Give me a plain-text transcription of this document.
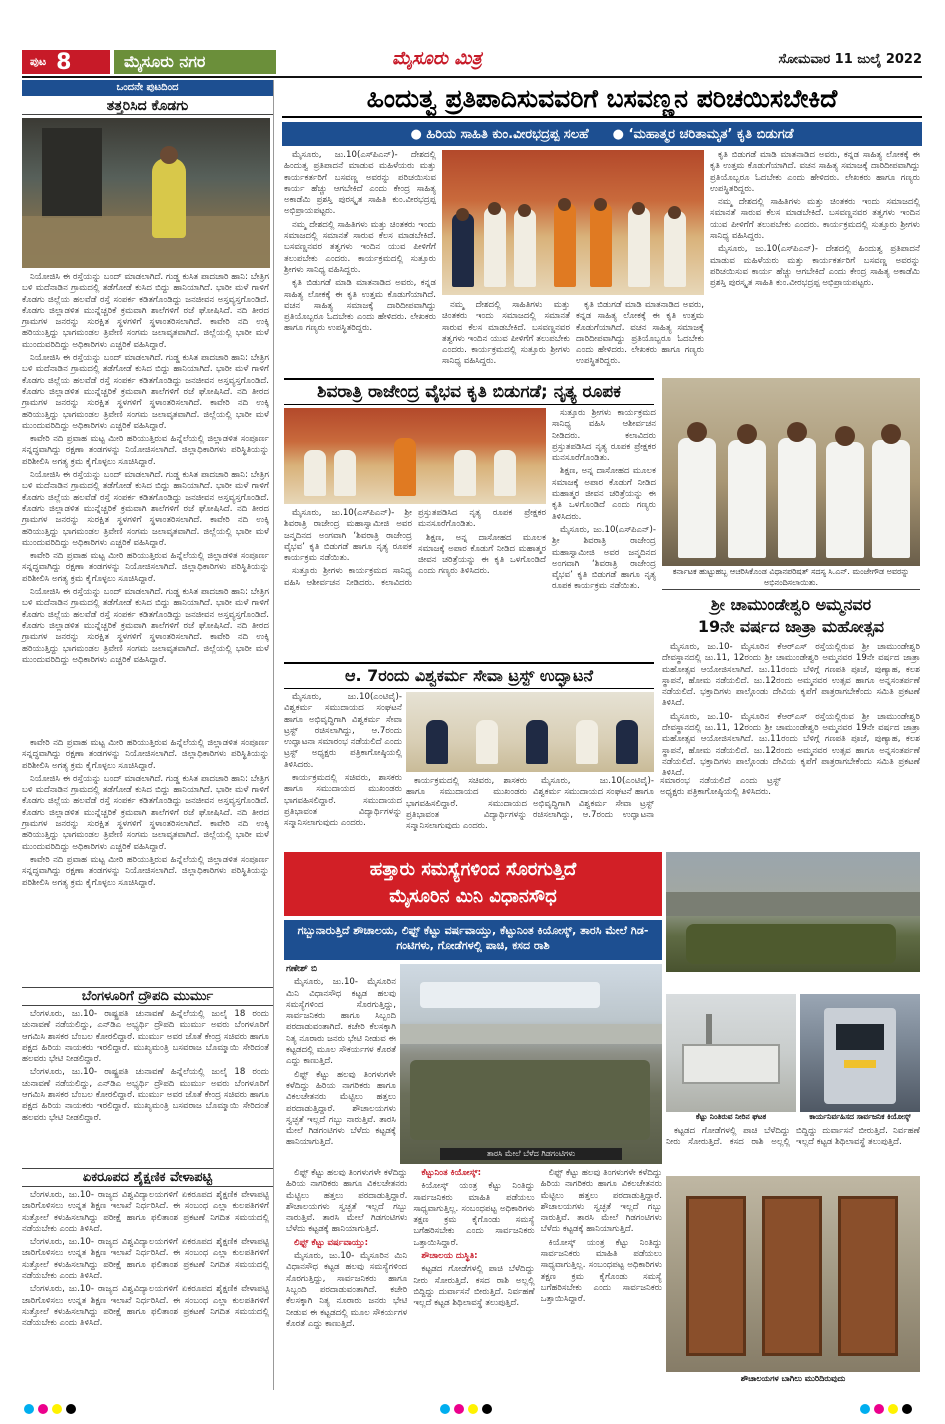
ಪುಟ 8	ಮೈಸೂರು ನಗರ	ಮೈಸೂರು ಮಿತ್ರ	ಸೋಮವಾರ 11 ಜುಲೈ 2022
ಒಂದನೇ ಪುಟದಿಂದ
ತತ್ತರಿಸಿದ ಕೊಡಗು

ನಿಯೋಜಿಸಿ ಈ ರಸ್ತೆಯನ್ನು ಬಂದ್ ಮಾಡಲಾಗಿದೆ. ಗುಡ್ಡ ಕುಸಿತ ಪಾದಚಾರಿ ಹಾನಿ: ಬೇತ್ರಿಗ ಬಳಿ ಮದೆನಾಡಿನ ಗ್ರಾಮದಲ್ಲಿ ತಡೆಗೋಡೆ ಕುಸಿದ ಬಿದ್ದು ಹಾನಿಯಾಗಿದೆ. ಭಾರೀ ಮಳೆ ಗಾಳಿಗೆ ಕೊಡಗು ಜಿಲ್ಲೆಯ ಹಲವೆಡೆ ರಸ್ತೆ ಸಂಪರ್ಕ ಕಡಿತಗೊಂಡಿದ್ದು ಜನಜೀವನ ಅಸ್ತವ್ಯಸ್ತಗೊಂಡಿದೆ. ಕೊಡಗು ಜಿಲ್ಲಾಡಳಿತ ಮುನ್ನೆಚ್ಚರಿಕೆ ಕ್ರಮವಾಗಿ ಶಾಲೆಗಳಿಗೆ ರಜೆ ಘೋಷಿಸಿದೆ. ನದಿ ತೀರದ ಗ್ರಾಮಗಳ ಜನರನ್ನು ಸುರಕ್ಷಿತ ಸ್ಥಳಗಳಿಗೆ ಸ್ಥಳಾಂತರಿಸಲಾಗಿದೆ. ಕಾವೇರಿ ನದಿ ಉಕ್ಕಿ ಹರಿಯುತ್ತಿದ್ದು ಭಾಗಮಂಡಲ ತ್ರಿವೇಣಿ ಸಂಗಮ ಜಲಾವೃತವಾಗಿದೆ. ಜಿಲ್ಲೆಯಲ್ಲಿ ಭಾರೀ ಮಳೆ ಮುಂದುವರಿದಿದ್ದು ಅಧಿಕಾರಿಗಳು ಎಚ್ಚರಿಕೆ ವಹಿಸಿದ್ದಾರೆ.

ನಿಯೋಜಿಸಿ ಈ ರಸ್ತೆಯನ್ನು ಬಂದ್ ಮಾಡಲಾಗಿದೆ. ಗುಡ್ಡ ಕುಸಿತ ಪಾದಚಾರಿ ಹಾನಿ: ಬೇತ್ರಿಗ ಬಳಿ ಮದೆನಾಡಿನ ಗ್ರಾಮದಲ್ಲಿ ತಡೆಗೋಡೆ ಕುಸಿದ ಬಿದ್ದು ಹಾನಿಯಾಗಿದೆ. ಭಾರೀ ಮಳೆ ಗಾಳಿಗೆ ಕೊಡಗು ಜಿಲ್ಲೆಯ ಹಲವೆಡೆ ರಸ್ತೆ ಸಂಪರ್ಕ ಕಡಿತಗೊಂಡಿದ್ದು ಜನಜೀವನ ಅಸ್ತವ್ಯಸ್ತಗೊಂಡಿದೆ. ಕೊಡಗು ಜಿಲ್ಲಾಡಳಿತ ಮುನ್ನೆಚ್ಚರಿಕೆ ಕ್ರಮವಾಗಿ ಶಾಲೆಗಳಿಗೆ ರಜೆ ಘೋಷಿಸಿದೆ. ನದಿ ತೀರದ ಗ್ರಾಮಗಳ ಜನರನ್ನು ಸುರಕ್ಷಿತ ಸ್ಥಳಗಳಿಗೆ ಸ್ಥಳಾಂತರಿಸಲಾಗಿದೆ. ಕಾವೇರಿ ನದಿ ಉಕ್ಕಿ ಹರಿಯುತ್ತಿದ್ದು ಭಾಗಮಂಡಲ ತ್ರಿವೇಣಿ ಸಂಗಮ ಜಲಾವೃತವಾಗಿದೆ. ಜಿಲ್ಲೆಯಲ್ಲಿ ಭಾರೀ ಮಳೆ ಮುಂದುವರಿದಿದ್ದು ಅಧಿಕಾರಿಗಳು ಎಚ್ಚರಿಕೆ ವಹಿಸಿದ್ದಾರೆ.

ಕಾವೇರಿ ನದಿ ಪ್ರವಾಹ ಮಟ್ಟ ಮೀರಿ ಹರಿಯುತ್ತಿರುವ ಹಿನ್ನೆಲೆಯಲ್ಲಿ ಜಿಲ್ಲಾಡಳಿತ ಸಂಪೂರ್ಣ ಸನ್ನದ್ಧವಾಗಿದ್ದು ರಕ್ಷಣಾ ತಂಡಗಳನ್ನು ನಿಯೋಜಿಸಲಾಗಿದೆ. ಜಿಲ್ಲಾಧಿಕಾರಿಗಳು ಪರಿಸ್ಥಿತಿಯನ್ನು ಪರಿಶೀಲಿಸಿ ಅಗತ್ಯ ಕ್ರಮ ಕೈಗೊಳ್ಳಲು ಸೂಚಿಸಿದ್ದಾರೆ.

ನಿಯೋಜಿಸಿ ಈ ರಸ್ತೆಯನ್ನು ಬಂದ್ ಮಾಡಲಾಗಿದೆ. ಗುಡ್ಡ ಕುಸಿತ ಪಾದಚಾರಿ ಹಾನಿ: ಬೇತ್ರಿಗ ಬಳಿ ಮದೆನಾಡಿನ ಗ್ರಾಮದಲ್ಲಿ ತಡೆಗೋಡೆ ಕುಸಿದ ಬಿದ್ದು ಹಾನಿಯಾಗಿದೆ. ಭಾರೀ ಮಳೆ ಗಾಳಿಗೆ ಕೊಡಗು ಜಿಲ್ಲೆಯ ಹಲವೆಡೆ ರಸ್ತೆ ಸಂಪರ್ಕ ಕಡಿತಗೊಂಡಿದ್ದು ಜನಜೀವನ ಅಸ್ತವ್ಯಸ್ತಗೊಂಡಿದೆ. ಕೊಡಗು ಜಿಲ್ಲಾಡಳಿತ ಮುನ್ನೆಚ್ಚರಿಕೆ ಕ್ರಮವಾಗಿ ಶಾಲೆಗಳಿಗೆ ರಜೆ ಘೋಷಿಸಿದೆ. ನದಿ ತೀರದ ಗ್ರಾಮಗಳ ಜನರನ್ನು ಸುರಕ್ಷಿತ ಸ್ಥಳಗಳಿಗೆ ಸ್ಥಳಾಂತರಿಸಲಾಗಿದೆ. ಕಾವೇರಿ ನದಿ ಉಕ್ಕಿ ಹರಿಯುತ್ತಿದ್ದು ಭಾಗಮಂಡಲ ತ್ರಿವೇಣಿ ಸಂಗಮ ಜಲಾವೃತವಾಗಿದೆ. ಜಿಲ್ಲೆಯಲ್ಲಿ ಭಾರೀ ಮಳೆ ಮುಂದುವರಿದಿದ್ದು ಅಧಿಕಾರಿಗಳು ಎಚ್ಚರಿಕೆ ವಹಿಸಿದ್ದಾರೆ.

ಕಾವೇರಿ ನದಿ ಪ್ರವಾಹ ಮಟ್ಟ ಮೀರಿ ಹರಿಯುತ್ತಿರುವ ಹಿನ್ನೆಲೆಯಲ್ಲಿ ಜಿಲ್ಲಾಡಳಿತ ಸಂಪೂರ್ಣ ಸನ್ನದ್ಧವಾಗಿದ್ದು ರಕ್ಷಣಾ ತಂಡಗಳನ್ನು ನಿಯೋಜಿಸಲಾಗಿದೆ. ಜಿಲ್ಲಾಧಿಕಾರಿಗಳು ಪರಿಸ್ಥಿತಿಯನ್ನು ಪರಿಶೀಲಿಸಿ ಅಗತ್ಯ ಕ್ರಮ ಕೈಗೊಳ್ಳಲು ಸೂಚಿಸಿದ್ದಾರೆ.

ನಿಯೋಜಿಸಿ ಈ ರಸ್ತೆಯನ್ನು ಬಂದ್ ಮಾಡಲಾಗಿದೆ. ಗುಡ್ಡ ಕುಸಿತ ಪಾದಚಾರಿ ಹಾನಿ: ಬೇತ್ರಿಗ ಬಳಿ ಮದೆನಾಡಿನ ಗ್ರಾಮದಲ್ಲಿ ತಡೆಗೋಡೆ ಕುಸಿದ ಬಿದ್ದು ಹಾನಿಯಾಗಿದೆ. ಭಾರೀ ಮಳೆ ಗಾಳಿಗೆ ಕೊಡಗು ಜಿಲ್ಲೆಯ ಹಲವೆಡೆ ರಸ್ತೆ ಸಂಪರ್ಕ ಕಡಿತಗೊಂಡಿದ್ದು ಜನಜೀವನ ಅಸ್ತವ್ಯಸ್ತಗೊಂಡಿದೆ. ಕೊಡಗು ಜಿಲ್ಲಾಡಳಿತ ಮುನ್ನೆಚ್ಚರಿಕೆ ಕ್ರಮವಾಗಿ ಶಾಲೆಗಳಿಗೆ ರಜೆ ಘೋಷಿಸಿದೆ. ನದಿ ತೀರದ ಗ್ರಾಮಗಳ ಜನರನ್ನು ಸುರಕ್ಷಿತ ಸ್ಥಳಗಳಿಗೆ ಸ್ಥಳಾಂತರಿಸಲಾಗಿದೆ. ಕಾವೇರಿ ನದಿ ಉಕ್ಕಿ ಹರಿಯುತ್ತಿದ್ದು ಭಾಗಮಂಡಲ ತ್ರಿವೇಣಿ ಸಂಗಮ ಜಲಾವೃತವಾಗಿದೆ. ಜಿಲ್ಲೆಯಲ್ಲಿ ಭಾರೀ ಮಳೆ ಮುಂದುವರಿದಿದ್ದು ಅಧಿಕಾರಿಗಳು ಎಚ್ಚರಿಕೆ ವಹಿಸಿದ್ದಾರೆ.

ಕಾವೇರಿ ನದಿ ಪ್ರವಾಹ ಮಟ್ಟ ಮೀರಿ ಹರಿಯುತ್ತಿರುವ ಹಿನ್ನೆಲೆಯಲ್ಲಿ ಜಿಲ್ಲಾಡಳಿತ ಸಂಪೂರ್ಣ ಸನ್ನದ್ಧವಾಗಿದ್ದು ರಕ್ಷಣಾ ತಂಡಗಳನ್ನು ನಿಯೋಜಿಸಲಾಗಿದೆ. ಜಿಲ್ಲಾಧಿಕಾರಿಗಳು ಪರಿಸ್ಥಿತಿಯನ್ನು ಪರಿಶೀಲಿಸಿ ಅಗತ್ಯ ಕ್ರಮ ಕೈಗೊಳ್ಳಲು ಸೂಚಿಸಿದ್ದಾರೆ.

ನಿಯೋಜಿಸಿ ಈ ರಸ್ತೆಯನ್ನು ಬಂದ್ ಮಾಡಲಾಗಿದೆ. ಗುಡ್ಡ ಕುಸಿತ ಪಾದಚಾರಿ ಹಾನಿ: ಬೇತ್ರಿಗ ಬಳಿ ಮದೆನಾಡಿನ ಗ್ರಾಮದಲ್ಲಿ ತಡೆಗೋಡೆ ಕುಸಿದ ಬಿದ್ದು ಹಾನಿಯಾಗಿದೆ. ಭಾರೀ ಮಳೆ ಗಾಳಿಗೆ ಕೊಡಗು ಜಿಲ್ಲೆಯ ಹಲವೆಡೆ ರಸ್ತೆ ಸಂಪರ್ಕ ಕಡಿತಗೊಂಡಿದ್ದು ಜನಜೀವನ ಅಸ್ತವ್ಯಸ್ತಗೊಂಡಿದೆ. ಕೊಡಗು ಜಿಲ್ಲಾಡಳಿತ ಮುನ್ನೆಚ್ಚರಿಕೆ ಕ್ರಮವಾಗಿ ಶಾಲೆಗಳಿಗೆ ರಜೆ ಘೋಷಿಸಿದೆ. ನದಿ ತೀರದ ಗ್ರಾಮಗಳ ಜನರನ್ನು ಸುರಕ್ಷಿತ ಸ್ಥಳಗಳಿಗೆ ಸ್ಥಳಾಂತರಿಸಲಾಗಿದೆ. ಕಾವೇರಿ ನದಿ ಉಕ್ಕಿ ಹರಿಯುತ್ತಿದ್ದು ಭಾಗಮಂಡಲ ತ್ರಿವೇಣಿ ಸಂಗಮ ಜಲಾವೃತವಾಗಿದೆ. ಜಿಲ್ಲೆಯಲ್ಲಿ ಭಾರೀ ಮಳೆ ಮುಂದುವರಿದಿದ್ದು ಅಧಿಕಾರಿಗಳು ಎಚ್ಚರಿಕೆ ವಹಿಸಿದ್ದಾರೆ.

ಕಾವೇರಿ ನದಿ ಪ್ರವಾಹ ಮಟ್ಟ ಮೀರಿ ಹರಿಯುತ್ತಿರುವ ಹಿನ್ನೆಲೆಯಲ್ಲಿ ಜಿಲ್ಲಾಡಳಿತ ಸಂಪೂರ್ಣ ಸನ್ನದ್ಧವಾಗಿದ್ದು ರಕ್ಷಣಾ ತಂಡಗಳನ್ನು ನಿಯೋಜಿಸಲಾಗಿದೆ. ಜಿಲ್ಲಾಧಿಕಾರಿಗಳು ಪರಿಸ್ಥಿತಿಯನ್ನು ಪರಿಶೀಲಿಸಿ ಅಗತ್ಯ ಕ್ರಮ ಕೈಗೊಳ್ಳಲು ಸೂಚಿಸಿದ್ದಾರೆ.

ಬೆಂಗಳೂರಿಗೆ ದ್ರೌಪದಿ ಮುರ್ಮು

ಬೆಂಗಳೂರು, ಜು.10- ರಾಷ್ಟ್ರಪತಿ ಚುನಾವಣೆ ಹಿನ್ನೆಲೆಯಲ್ಲಿ ಜುಲೈ 18 ರಂದು ಚುನಾವಣೆ ನಡೆಯಲಿದ್ದು, ಎನ್‍ಡಿಎ ಅಭ್ಯರ್ಥಿ ದ್ರೌಪದಿ ಮುರ್ಮು ಅವರು ಬೆಂಗಳೂರಿಗೆ ಆಗಮಿಸಿ ಶಾಸಕರ ಬೆಂಬಲ ಕೋರಲಿದ್ದಾರೆ. ಮುರ್ಮು ಅವರ ಜೊತೆ ಕೇಂದ್ರ ಸಚಿವರು ಹಾಗೂ ಪಕ್ಷದ ಹಿರಿಯ ನಾಯಕರು ಇರಲಿದ್ದಾರೆ. ಮುಖ್ಯಮಂತ್ರಿ ಬಸವರಾಜ ಬೊಮ್ಮಾಯಿ ಸೇರಿದಂತೆ ಹಲವರು ಭೇಟಿ ನೀಡಲಿದ್ದಾರೆ.

ಬೆಂಗಳೂರು, ಜು.10- ರಾಷ್ಟ್ರಪತಿ ಚುನಾವಣೆ ಹಿನ್ನೆಲೆಯಲ್ಲಿ ಜುಲೈ 18 ರಂದು ಚುನಾವಣೆ ನಡೆಯಲಿದ್ದು, ಎನ್‍ಡಿಎ ಅಭ್ಯರ್ಥಿ ದ್ರೌಪದಿ ಮುರ್ಮು ಅವರು ಬೆಂಗಳೂರಿಗೆ ಆಗಮಿಸಿ ಶಾಸಕರ ಬೆಂಬಲ ಕೋರಲಿದ್ದಾರೆ. ಮುರ್ಮು ಅವರ ಜೊತೆ ಕೇಂದ್ರ ಸಚಿವರು ಹಾಗೂ ಪಕ್ಷದ ಹಿರಿಯ ನಾಯಕರು ಇರಲಿದ್ದಾರೆ. ಮುಖ್ಯಮಂತ್ರಿ ಬಸವರಾಜ ಬೊಮ್ಮಾಯಿ ಸೇರಿದಂತೆ ಹಲವರು ಭೇಟಿ ನೀಡಲಿದ್ದಾರೆ.

ಏಕರೂಪದ ಶೈಕ್ಷಣಿಕ ವೇಳಾಪಟ್ಟಿ

ಬೆಂಗಳೂರು, ಜು.10- ರಾಜ್ಯದ ವಿಶ್ವವಿದ್ಯಾಲಯಗಳಿಗೆ ಏಕರೂಪದ ಶೈಕ್ಷಣಿಕ ವೇಳಾಪಟ್ಟಿ ಜಾರಿಗೊಳಿಸಲು ಉನ್ನತ ಶಿಕ್ಷಣ ಇಲಾಖೆ ನಿರ್ಧರಿಸಿದೆ. ಈ ಸಂಬಂಧ ಎಲ್ಲಾ ಕುಲಪತಿಗಳಿಗೆ ಸುತ್ತೋಲೆ ಕಳುಹಿಸಲಾಗಿದ್ದು ಪರೀಕ್ಷೆ ಹಾಗೂ ಫಲಿತಾಂಶ ಪ್ರಕಟಣೆ ನಿಗದಿತ ಸಮಯದಲ್ಲಿ ನಡೆಯಬೇಕು ಎಂದು ತಿಳಿಸಿದೆ.

ಬೆಂಗಳೂರು, ಜು.10- ರಾಜ್ಯದ ವಿಶ್ವವಿದ್ಯಾಲಯಗಳಿಗೆ ಏಕರೂಪದ ಶೈಕ್ಷಣಿಕ ವೇಳಾಪಟ್ಟಿ ಜಾರಿಗೊಳಿಸಲು ಉನ್ನತ ಶಿಕ್ಷಣ ಇಲಾಖೆ ನಿರ್ಧರಿಸಿದೆ. ಈ ಸಂಬಂಧ ಎಲ್ಲಾ ಕುಲಪತಿಗಳಿಗೆ ಸುತ್ತೋಲೆ ಕಳುಹಿಸಲಾಗಿದ್ದು ಪರೀಕ್ಷೆ ಹಾಗೂ ಫಲಿತಾಂಶ ಪ್ರಕಟಣೆ ನಿಗದಿತ ಸಮಯದಲ್ಲಿ ನಡೆಯಬೇಕು ಎಂದು ತಿಳಿಸಿದೆ.

ಬೆಂಗಳೂರು, ಜು.10- ರಾಜ್ಯದ ವಿಶ್ವವಿದ್ಯಾಲಯಗಳಿಗೆ ಏಕರೂಪದ ಶೈಕ್ಷಣಿಕ ವೇಳಾಪಟ್ಟಿ ಜಾರಿಗೊಳಿಸಲು ಉನ್ನತ ಶಿಕ್ಷಣ ಇಲಾಖೆ ನಿರ್ಧರಿಸಿದೆ. ಈ ಸಂಬಂಧ ಎಲ್ಲಾ ಕುಲಪತಿಗಳಿಗೆ ಸುತ್ತೋಲೆ ಕಳುಹಿಸಲಾಗಿದ್ದು ಪರೀಕ್ಷೆ ಹಾಗೂ ಫಲಿತಾಂಶ ಪ್ರಕಟಣೆ ನಿಗದಿತ ಸಮಯದಲ್ಲಿ ನಡೆಯಬೇಕು ಎಂದು ತಿಳಿಸಿದೆ.

ಹಿಂದುತ್ವ ಪ್ರತಿಪಾದಿಸುವವರಿಗೆ ಬಸವಣ್ಣನ ಪರಿಚಯಿಸಬೇಕಿದೆ
● ಹಿರಿಯ ಸಾಹಿತಿ ಕುಂ.ವೀರಭದ್ರಪ್ಪ ಸಲಹೆ ● ‘ಮಹಾತ್ಮರ ಚರಿತಾಮೃತ’ ಕೃತಿ ಬಿಡುಗಡೆ

ಮೈಸೂರು, ಜು.10(ಎಸ್‍ಪಿಎನ್)- ದೇಶದಲ್ಲಿ ಹಿಂದುತ್ವ ಪ್ರತಿಪಾದನೆ ಮಾಡುವ ಮಹಿಳೆಯರು ಮತ್ತು ಕಾರ್ಯಕರ್ತರಿಗೆ ಬಸವಣ್ಣ ಅವರನ್ನು ಪರಿಚಯಿಸುವ ಕಾರ್ಯ ಹೆಚ್ಚು ಆಗಬೇಕಿದೆ ಎಂದು ಕೇಂದ್ರ ಸಾಹಿತ್ಯ ಅಕಾಡೆಮಿ ಪ್ರಶಸ್ತಿ ಪುರಸ್ಕೃತ ಸಾಹಿತಿ ಕುಂ.ವೀರಭದ್ರಪ್ಪ ಅಭಿಪ್ರಾಯಪಟ್ಟರು.

ನಮ್ಮ ದೇಶದಲ್ಲಿ ಸಾಹಿತಿಗಳು ಮತ್ತು ಚಿಂತಕರು ಇಂದು ಸಮಾಜದಲ್ಲಿ ಸಮಾನತೆ ಸಾರುವ ಕೆಲಸ ಮಾಡಬೇಕಿದೆ. ಬಸವಣ್ಣನವರ ತತ್ವಗಳು ಇಂದಿನ ಯುವ ಪೀಳಿಗೆಗೆ ತಲುಪಬೇಕು ಎಂದರು. ಕಾರ್ಯಕ್ರಮದಲ್ಲಿ ಸುತ್ತೂರು ಶ್ರೀಗಳು ಸಾನಿಧ್ಯ ವಹಿಸಿದ್ದರು.

ಕೃತಿ ಬಿಡುಗಡೆ ಮಾಡಿ ಮಾತನಾಡಿದ ಅವರು, ಕನ್ನಡ ಸಾಹಿತ್ಯ ಲೋಕಕ್ಕೆ ಈ ಕೃತಿ ಉತ್ತಮ ಕೊಡುಗೆಯಾಗಿದೆ. ವಚನ ಸಾಹಿತ್ಯ ಸಮಾಜಕ್ಕೆ ದಾರಿದೀಪವಾಗಿದ್ದು ಪ್ರತಿಯೊಬ್ಬರೂ ಓದಬೇಕು ಎಂದು ಹೇಳಿದರು. ಲೇಖಕರು ಹಾಗೂ ಗಣ್ಯರು ಉಪಸ್ಥಿತರಿದ್ದರು.

ಕೃತಿ ಬಿಡುಗಡೆ ಮಾಡಿ ಮಾತನಾಡಿದ ಅವರು, ಕನ್ನಡ ಸಾಹಿತ್ಯ ಲೋಕಕ್ಕೆ ಈ ಕೃತಿ ಉತ್ತಮ ಕೊಡುಗೆಯಾಗಿದೆ. ವಚನ ಸಾಹಿತ್ಯ ಸಮಾಜಕ್ಕೆ ದಾರಿದೀಪವಾಗಿದ್ದು ಪ್ರತಿಯೊಬ್ಬರೂ ಓದಬೇಕು ಎಂದು ಹೇಳಿದರು. ಲೇಖಕರು ಹಾಗೂ ಗಣ್ಯರು ಉಪಸ್ಥಿತರಿದ್ದರು.

ನಮ್ಮ ದೇಶದಲ್ಲಿ ಸಾಹಿತಿಗಳು ಮತ್ತು ಚಿಂತಕರು ಇಂದು ಸಮಾಜದಲ್ಲಿ ಸಮಾನತೆ ಸಾರುವ ಕೆಲಸ ಮಾಡಬೇಕಿದೆ. ಬಸವಣ್ಣನವರ ತತ್ವಗಳು ಇಂದಿನ ಯುವ ಪೀಳಿಗೆಗೆ ತಲುಪಬೇಕು ಎಂದರು. ಕಾರ್ಯಕ್ರಮದಲ್ಲಿ ಸುತ್ತೂರು ಶ್ರೀಗಳು ಸಾನಿಧ್ಯ ವಹಿಸಿದ್ದರು.

ಮೈಸೂರು, ಜು.10(ಎಸ್‍ಪಿಎನ್)- ದೇಶದಲ್ಲಿ ಹಿಂದುತ್ವ ಪ್ರತಿಪಾದನೆ ಮಾಡುವ ಮಹಿಳೆಯರು ಮತ್ತು ಕಾರ್ಯಕರ್ತರಿಗೆ ಬಸವಣ್ಣ ಅವರನ್ನು ಪರಿಚಯಿಸುವ ಕಾರ್ಯ ಹೆಚ್ಚು ಆಗಬೇಕಿದೆ ಎಂದು ಕೇಂದ್ರ ಸಾಹಿತ್ಯ ಅಕಾಡೆಮಿ ಪ್ರಶಸ್ತಿ ಪುರಸ್ಕೃತ ಸಾಹಿತಿ ಕುಂ.ವೀರಭದ್ರಪ್ಪ ಅಭಿಪ್ರಾಯಪಟ್ಟರು.

ನಮ್ಮ ದೇಶದಲ್ಲಿ ಸಾಹಿತಿಗಳು ಮತ್ತು ಚಿಂತಕರು ಇಂದು ಸಮಾಜದಲ್ಲಿ ಸಮಾನತೆ ಸಾರುವ ಕೆಲಸ ಮಾಡಬೇಕಿದೆ. ಬಸವಣ್ಣನವರ ತತ್ವಗಳು ಇಂದಿನ ಯುವ ಪೀಳಿಗೆಗೆ ತಲುಪಬೇಕು ಎಂದರು. ಕಾರ್ಯಕ್ರಮದಲ್ಲಿ ಸುತ್ತೂರು ಶ್ರೀಗಳು ಸಾನಿಧ್ಯ ವಹಿಸಿದ್ದರು.

ಕೃತಿ ಬಿಡುಗಡೆ ಮಾಡಿ ಮಾತನಾಡಿದ ಅವರು, ಕನ್ನಡ ಸಾಹಿತ್ಯ ಲೋಕಕ್ಕೆ ಈ ಕೃತಿ ಉತ್ತಮ ಕೊಡುಗೆಯಾಗಿದೆ. ವಚನ ಸಾಹಿತ್ಯ ಸಮಾಜಕ್ಕೆ ದಾರಿದೀಪವಾಗಿದ್ದು ಪ್ರತಿಯೊಬ್ಬರೂ ಓದಬೇಕು ಎಂದು ಹೇಳಿದರು. ಲೇಖಕರು ಹಾಗೂ ಗಣ್ಯರು ಉಪಸ್ಥಿತರಿದ್ದರು.

ಶಿವರಾತ್ರಿ ರಾಜೇಂದ್ರ ವೈಭವ ಕೃತಿ ಬಿಡುಗಡೆ; ನೃತ್ಯ ರೂಪಕ

ಸುತ್ತೂರು ಶ್ರೀಗಳು ಕಾರ್ಯಕ್ರಮದ ಸಾನಿಧ್ಯ ವಹಿಸಿ ಆಶೀರ್ವಚನ ನೀಡಿದರು. ಕಲಾವಿದರು ಪ್ರಸ್ತುತಪಡಿಸಿದ ನೃತ್ಯ ರೂಪಕ ಪ್ರೇಕ್ಷಕರ ಮನಸೂರೆಗೊಂಡಿತು.

ಶಿಕ್ಷಣ, ಅನ್ನ ದಾಸೋಹದ ಮೂಲಕ ಸಮಾಜಕ್ಕೆ ಅಪಾರ ಕೊಡುಗೆ ನೀಡಿದ ಮಹಾತ್ಮರ ಜೀವನ ಚರಿತ್ರೆಯನ್ನು ಈ ಕೃತಿ ಒಳಗೊಂಡಿದೆ ಎಂದು ಗಣ್ಯರು ತಿಳಿಸಿದರು.

ಮೈಸೂರು, ಜು.10(ಎಸ್‍ಪಿಎನ್)- ಶ್ರೀ ಶಿವರಾತ್ರಿ ರಾಜೇಂದ್ರ ಮಹಾಸ್ವಾಮೀಜಿ ಅವರ ಜನ್ಮದಿನದ ಅಂಗವಾಗಿ ‘ಶಿವರಾತ್ರಿ ರಾಜೇಂದ್ರ ವೈಭವ’ ಕೃತಿ ಬಿಡುಗಡೆ ಹಾಗೂ ನೃತ್ಯ ರೂಪಕ ಕಾರ್ಯಕ್ರಮ ನಡೆಯಿತು.

ಮೈಸೂರು, ಜು.10(ಎಸ್‍ಪಿಎನ್)- ಶ್ರೀ ಶಿವರಾತ್ರಿ ರಾಜೇಂದ್ರ ಮಹಾಸ್ವಾಮೀಜಿ ಅವರ ಜನ್ಮದಿನದ ಅಂಗವಾಗಿ ‘ಶಿವರಾತ್ರಿ ರಾಜೇಂದ್ರ ವೈಭವ’ ಕೃತಿ ಬಿಡುಗಡೆ ಹಾಗೂ ನೃತ್ಯ ರೂಪಕ ಕಾರ್ಯಕ್ರಮ ನಡೆಯಿತು.

ಸುತ್ತೂರು ಶ್ರೀಗಳು ಕಾರ್ಯಕ್ರಮದ ಸಾನಿಧ್ಯ ವಹಿಸಿ ಆಶೀರ್ವಚನ ನೀಡಿದರು. ಕಲಾವಿದರು ಪ್ರಸ್ತುತಪಡಿಸಿದ ನೃತ್ಯ ರೂಪಕ ಪ್ರೇಕ್ಷಕರ ಮನಸೂರೆಗೊಂಡಿತು.

ಶಿಕ್ಷಣ, ಅನ್ನ ದಾಸೋಹದ ಮೂಲಕ ಸಮಾಜಕ್ಕೆ ಅಪಾರ ಕೊಡುಗೆ ನೀಡಿದ ಮಹಾತ್ಮರ ಜೀವನ ಚರಿತ್ರೆಯನ್ನು ಈ ಕೃತಿ ಒಳಗೊಂಡಿದೆ ಎಂದು ಗಣ್ಯರು ತಿಳಿಸಿದರು.	ಕರ್ನಾಟಕ ಹುಟ್ಟುಹಬ್ಬ ಆಚರಿಸಿಕೊಂಡ ವಿಧಾನಪರಿಷತ್ ಸದಸ್ಯ ಸಿ.ಎನ್. ಮಂಜೇಗೌಡ ಅವರನ್ನು ಅಭಿನಂದಿಸಲಾಯಿತು.
ಶ್ರೀ ಚಾಮುಂಡೇಶ್ವರಿ ಅಮ್ಮನವರ
19ನೇ ವರ್ಷದ ಜಾತ್ರಾ ಮಹೋತ್ಸವ

ಮೈಸೂರು, ಜು.10- ಮೈಸೂರಿನ ಕೆಆರ್‍ಎಸ್ ರಸ್ತೆಯಲ್ಲಿರುವ ಶ್ರೀ ಚಾಮುಂಡೇಶ್ವರಿ ದೇವಸ್ಥಾನದಲ್ಲಿ ಜು.11, 12ರಂದು ಶ್ರೀ ಚಾಮುಂಡೇಶ್ವರಿ ಅಮ್ಮನವರ 19ನೇ ವರ್ಷದ ಜಾತ್ರಾ ಮಹೋತ್ಸವ ಆಯೋಜಿಸಲಾಗಿದೆ. ಜು.11ರಂದು ಬೆಳಿಗ್ಗೆ ಗಣಪತಿ ಪೂಜೆ, ಪುಣ್ಯಾಹ, ಕಲಶ ಸ್ಥಾಪನೆ, ಹೋಮ ನಡೆಯಲಿದೆ. ಜು.12ರಂದು ಅಮ್ಮನವರ ಉತ್ಸವ ಹಾಗೂ ಅನ್ನಸಂತರ್ಪಣೆ ನಡೆಯಲಿದೆ. ಭಕ್ತಾದಿಗಳು ಪಾಲ್ಗೊಂಡು ದೇವಿಯ ಕೃಪೆಗೆ ಪಾತ್ರರಾಗಬೇಕೆಂದು ಸಮಿತಿ ಪ್ರಕಟಣೆ ತಿಳಿಸಿದೆ.

ಮೈಸೂರು, ಜು.10- ಮೈಸೂರಿನ ಕೆಆರ್‍ಎಸ್ ರಸ್ತೆಯಲ್ಲಿರುವ ಶ್ರೀ ಚಾಮುಂಡೇಶ್ವರಿ ದೇವಸ್ಥಾನದಲ್ಲಿ ಜು.11, 12ರಂದು ಶ್ರೀ ಚಾಮುಂಡೇಶ್ವರಿ ಅಮ್ಮನವರ 19ನೇ ವರ್ಷದ ಜಾತ್ರಾ ಮಹೋತ್ಸವ ಆಯೋಜಿಸಲಾಗಿದೆ. ಜು.11ರಂದು ಬೆಳಿಗ್ಗೆ ಗಣಪತಿ ಪೂಜೆ, ಪುಣ್ಯಾಹ, ಕಲಶ ಸ್ಥಾಪನೆ, ಹೋಮ ನಡೆಯಲಿದೆ. ಜು.12ರಂದು ಅಮ್ಮನವರ ಉತ್ಸವ ಹಾಗೂ ಅನ್ನಸಂತರ್ಪಣೆ ನಡೆಯಲಿದೆ. ಭಕ್ತಾದಿಗಳು ಪಾಲ್ಗೊಂಡು ದೇವಿಯ ಕೃಪೆಗೆ ಪಾತ್ರರಾಗಬೇಕೆಂದು ಸಮಿತಿ ಪ್ರಕಟಣೆ ತಿಳಿಸಿದೆ.

ಆ. 7ರಂದು ವಿಶ್ವಕರ್ಮ ಸೇವಾ ಟ್ರಸ್ಟ್ ಉದ್ಘಾಟನೆ

ಮೈಸೂರು, ಜು.10(ಎಂಟಿವೈ)- ವಿಶ್ವಕರ್ಮ ಸಮುದಾಯದ ಸಂಘಟನೆ ಹಾಗೂ ಅಭಿವೃದ್ಧಿಗಾಗಿ ವಿಶ್ವಕರ್ಮ ಸೇವಾ ಟ್ರಸ್ಟ್ ರಚಿಸಲಾಗಿದ್ದು, ಆ.7ರಂದು ಉದ್ಘಾಟನಾ ಸಮಾರಂಭ ನಡೆಯಲಿದೆ ಎಂದು ಟ್ರಸ್ಟ್ ಅಧ್ಯಕ್ಷರು ಪತ್ರಿಕಾಗೋಷ್ಠಿಯಲ್ಲಿ ತಿಳಿಸಿದರು.

ಕಾರ್ಯಕ್ರಮದಲ್ಲಿ ಸಚಿವರು, ಶಾಸಕರು ಹಾಗೂ ಸಮುದಾಯದ ಮುಖಂಡರು ಭಾಗವಹಿಸಲಿದ್ದಾರೆ. ಸಮುದಾಯದ ಪ್ರತಿಭಾವಂತ ವಿದ್ಯಾರ್ಥಿಗಳನ್ನು ಸನ್ಮಾನಿಸಲಾಗುವುದು ಎಂದರು.

ಕಾರ್ಯಕ್ರಮದಲ್ಲಿ ಸಚಿವರು, ಶಾಸಕರು ಹಾಗೂ ಸಮುದಾಯದ ಮುಖಂಡರು ಭಾಗವಹಿಸಲಿದ್ದಾರೆ. ಸಮುದಾಯದ ಪ್ರತಿಭಾವಂತ ವಿದ್ಯಾರ್ಥಿಗಳನ್ನು ಸನ್ಮಾನಿಸಲಾಗುವುದು ಎಂದರು.

ಮೈಸೂರು, ಜು.10(ಎಂಟಿವೈ)- ವಿಶ್ವಕರ್ಮ ಸಮುದಾಯದ ಸಂಘಟನೆ ಹಾಗೂ ಅಭಿವೃದ್ಧಿಗಾಗಿ ವಿಶ್ವಕರ್ಮ ಸೇವಾ ಟ್ರಸ್ಟ್ ರಚಿಸಲಾಗಿದ್ದು, ಆ.7ರಂದು ಉದ್ಘಾಟನಾ ಸಮಾರಂಭ ನಡೆಯಲಿದೆ ಎಂದು ಟ್ರಸ್ಟ್ ಅಧ್ಯಕ್ಷರು ಪತ್ರಿಕಾಗೋಷ್ಠಿಯಲ್ಲಿ ತಿಳಿಸಿದರು.

ಹತ್ತಾರು ಸಮಸ್ಯೆಗಳಿಂದ ಸೊರಗುತ್ತಿದೆ
ಮೈಸೂರಿನ ಮಿನಿ ವಿಧಾನಸೌಧ
ಗಬ್ಬುನಾರುತ್ತಿದೆ ಶೌಚಾಲಯ, ಲಿಫ್ಟ್ ಕೆಟ್ಟು ವರ್ಷವಾಯ್ತು, ಕೆಟ್ಟುನಿಂತ ಕಿಯೋಸ್ಕ್, ತಾರಸಿ ಮೇಲೆ ಗಿಡ-ಗಂಟಿಗಳು, ಗೋಡೆಗಳಲ್ಲಿ ಪಾಚಿ, ಕಸದ ರಾಶಿ
ಗಣೇಶ್ ಬಿ

ಮೈಸೂರು, ಜು.10- ಮೈಸೂರಿನ ಮಿನಿ ವಿಧಾನಸೌಧ ಕಟ್ಟಡ ಹಲವು ಸಮಸ್ಯೆಗಳಿಂದ ಸೊರಗುತ್ತಿದ್ದು, ಸಾರ್ವಜನಿಕರು ಹಾಗೂ ಸಿಬ್ಬಂದಿ ಪರದಾಡುವಂತಾಗಿದೆ. ಕಚೇರಿ ಕೆಲಸಕ್ಕಾಗಿ ನಿತ್ಯ ನೂರಾರು ಜನರು ಭೇಟಿ ನೀಡುವ ಈ ಕಟ್ಟಡದಲ್ಲಿ ಮೂಲ ಸೌಕರ್ಯಗಳ ಕೊರತೆ ಎದ್ದು ಕಾಣುತ್ತಿದೆ.

ಲಿಫ್ಟ್ ಕೆಟ್ಟು ಹಲವು ತಿಂಗಳುಗಳೇ ಕಳೆದಿದ್ದು ಹಿರಿಯ ನಾಗರಿಕರು ಹಾಗೂ ವಿಕಲಚೇತನರು ಮೆಟ್ಟಿಲು ಹತ್ತಲು ಪರದಾಡುತ್ತಿದ್ದಾರೆ. ಶೌಚಾಲಯಗಳು ಸ್ವಚ್ಛತೆ ಇಲ್ಲದೆ ಗಬ್ಬು ನಾರುತ್ತಿವೆ. ತಾರಸಿ ಮೇಲೆ ಗಿಡಗಂಟಿಗಳು ಬೆಳೆದು ಕಟ್ಟಡಕ್ಕೆ ಹಾನಿಯಾಗುತ್ತಿದೆ.

ತಾರಸಿ ಮೇಲೆ ಬೆಳೆದ ಗಿಡಗಂಟಿಗಳು
ಕೆಟ್ಟು ನಿಂತಿರುವ ನೀರಿನ ಘಟಕ	ಕಾರ್ಯನಿರ್ವಹಿಸದ ಸಾರ್ವಜನಿಕ ಕಿಯೋಸ್ಕ್

ಕಟ್ಟಡದ ಗೋಡೆಗಳಲ್ಲಿ ಪಾಚಿ ಬೆಳೆದಿದ್ದು ನೀರು ಸೋರುತ್ತಿದೆ. ಕಸದ ರಾಶಿ ಅಲ್ಲಲ್ಲಿ ಬಿದ್ದಿದ್ದು ದುರ್ವಾಸನೆ ಬೀರುತ್ತಿದೆ. ನಿರ್ವಹಣೆ ಇಲ್ಲದೆ ಕಟ್ಟಡ ಶಿಥಿಲಾವಸ್ಥೆ ತಲುಪುತ್ತಿದೆ.

ಲಿಫ್ಟ್ ಕೆಟ್ಟು ಹಲವು ತಿಂಗಳುಗಳೇ ಕಳೆದಿದ್ದು ಹಿರಿಯ ನಾಗರಿಕರು ಹಾಗೂ ವಿಕಲಚೇತನರು ಮೆಟ್ಟಿಲು ಹತ್ತಲು ಪರದಾಡುತ್ತಿದ್ದಾರೆ. ಶೌಚಾಲಯಗಳು ಸ್ವಚ್ಛತೆ ಇಲ್ಲದೆ ಗಬ್ಬು ನಾರುತ್ತಿವೆ. ತಾರಸಿ ಮೇಲೆ ಗಿಡಗಂಟಿಗಳು ಬೆಳೆದು ಕಟ್ಟಡಕ್ಕೆ ಹಾನಿಯಾಗುತ್ತಿದೆ.

ಲಿಫ್ಟ್ ಕೆಟ್ಟು ವರ್ಷವಾಯ್ತು:

ಮೈಸೂರು, ಜು.10- ಮೈಸೂರಿನ ಮಿನಿ ವಿಧಾನಸೌಧ ಕಟ್ಟಡ ಹಲವು ಸಮಸ್ಯೆಗಳಿಂದ ಸೊರಗುತ್ತಿದ್ದು, ಸಾರ್ವಜನಿಕರು ಹಾಗೂ ಸಿಬ್ಬಂದಿ ಪರದಾಡುವಂತಾಗಿದೆ. ಕಚೇರಿ ಕೆಲಸಕ್ಕಾಗಿ ನಿತ್ಯ ನೂರಾರು ಜನರು ಭೇಟಿ ನೀಡುವ ಈ ಕಟ್ಟಡದಲ್ಲಿ ಮೂಲ ಸೌಕರ್ಯಗಳ ಕೊರತೆ ಎದ್ದು ಕಾಣುತ್ತಿದೆ.

ಕೆಟ್ಟುನಿಂತ ಕಿಯೋಸ್ಕ್:

ಕಿಯೋಸ್ಕ್ ಯಂತ್ರ ಕೆಟ್ಟು ನಿಂತಿದ್ದು ಸಾರ್ವಜನಿಕರು ಮಾಹಿತಿ ಪಡೆಯಲು ಸಾಧ್ಯವಾಗುತ್ತಿಲ್ಲ. ಸಂಬಂಧಪಟ್ಟ ಅಧಿಕಾರಿಗಳು ತಕ್ಷಣ ಕ್ರಮ ಕೈಗೊಂಡು ಸಮಸ್ಯೆ ಬಗೆಹರಿಸಬೇಕು ಎಂದು ಸಾರ್ವಜನಿಕರು ಒತ್ತಾಯಿಸಿದ್ದಾರೆ.

ಶೌಚಾಲಯ ದುಸ್ಥಿತಿ:

ಕಟ್ಟಡದ ಗೋಡೆಗಳಲ್ಲಿ ಪಾಚಿ ಬೆಳೆದಿದ್ದು ನೀರು ಸೋರುತ್ತಿದೆ. ಕಸದ ರಾಶಿ ಅಲ್ಲಲ್ಲಿ ಬಿದ್ದಿದ್ದು ದುರ್ವಾಸನೆ ಬೀರುತ್ತಿದೆ. ನಿರ್ವಹಣೆ ಇಲ್ಲದೆ ಕಟ್ಟಡ ಶಿಥಿಲಾವಸ್ಥೆ ತಲುಪುತ್ತಿದೆ.

ಲಿಫ್ಟ್ ಕೆಟ್ಟು ಹಲವು ತಿಂಗಳುಗಳೇ ಕಳೆದಿದ್ದು ಹಿರಿಯ ನಾಗರಿಕರು ಹಾಗೂ ವಿಕಲಚೇತನರು ಮೆಟ್ಟಿಲು ಹತ್ತಲು ಪರದಾಡುತ್ತಿದ್ದಾರೆ. ಶೌಚಾಲಯಗಳು ಸ್ವಚ್ಛತೆ ಇಲ್ಲದೆ ಗಬ್ಬು ನಾರುತ್ತಿವೆ. ತಾರಸಿ ಮೇಲೆ ಗಿಡಗಂಟಿಗಳು ಬೆಳೆದು ಕಟ್ಟಡಕ್ಕೆ ಹಾನಿಯಾಗುತ್ತಿದೆ.

ಕಿಯೋಸ್ಕ್ ಯಂತ್ರ ಕೆಟ್ಟು ನಿಂತಿದ್ದು ಸಾರ್ವಜನಿಕರು ಮಾಹಿತಿ ಪಡೆಯಲು ಸಾಧ್ಯವಾಗುತ್ತಿಲ್ಲ. ಸಂಬಂಧಪಟ್ಟ ಅಧಿಕಾರಿಗಳು ತಕ್ಷಣ ಕ್ರಮ ಕೈಗೊಂಡು ಸಮಸ್ಯೆ ಬಗೆಹರಿಸಬೇಕು ಎಂದು ಸಾರ್ವಜನಿಕರು ಒತ್ತಾಯಿಸಿದ್ದಾರೆ.

ಶೌಚಾಲಯಗಳ ಬಾಗಿಲು ಮುರಿದಿರುವುದು
